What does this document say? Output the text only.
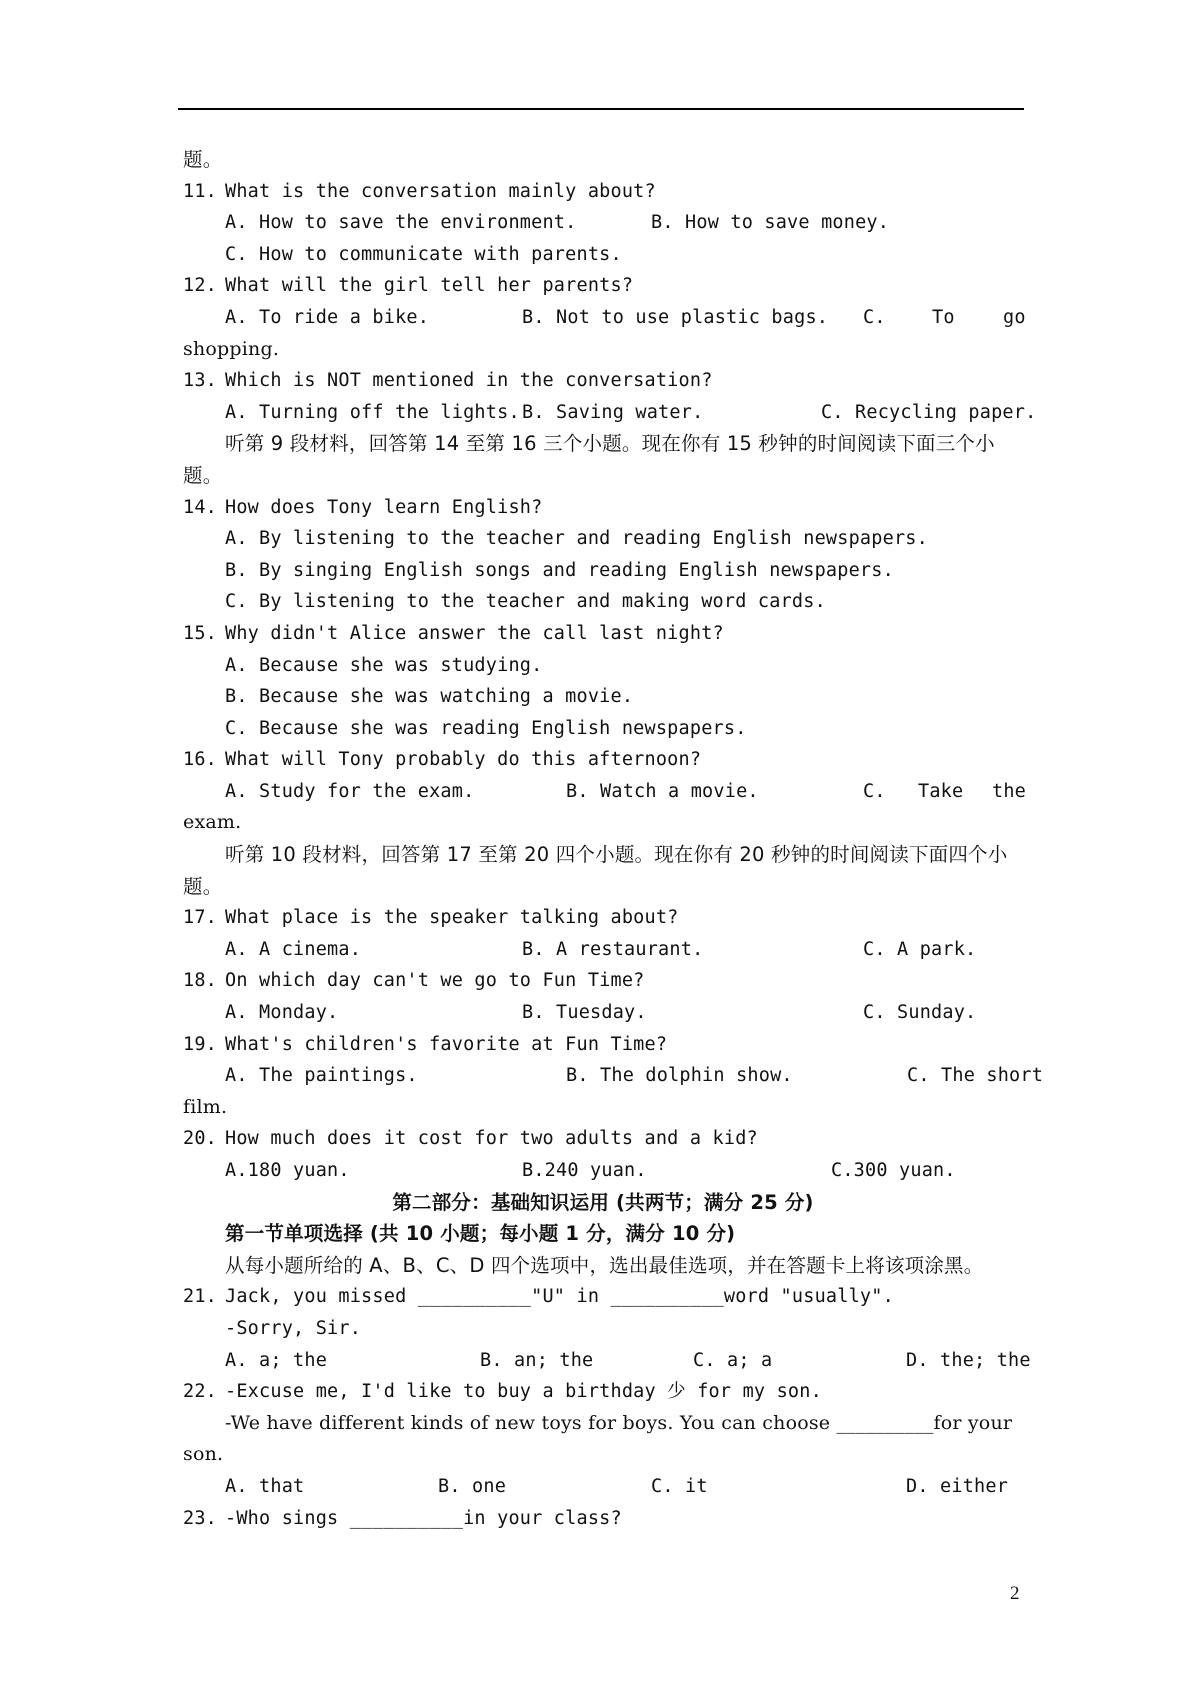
题。
11. What is the conversation mainly about?
A. How to save the environment.	B. How to save money.
C. How to communicate with parents.
12. What will the girl tell her parents?
A. To ride a bike.	B. Not to use plastic bags. C.	To	go
shopping.
13. Which is NOT mentioned in the conversation?
A. Turning off the lights. B. Saving water.	C. Recycling paper.
听第 9 段材料，回答第 14 至第 16 三个小题。现在你有 15 秒钟的时间阅读下面三个小
题。
14. How does Tony learn English?
A. By listening to the teacher and reading English newspapers.
B. By singing English songs and reading English newspapers.
C. By listening to the teacher and making word cards.
15. Why didn't Alice answer the call last night?
A. Because she was studying.
B. Because she was watching a movie.
C. Because she was reading English newspapers.
16. What will Tony probably do this afternoon?
A. Study for the exam.	B. Watch a movie.	C. Take the
exam.
听第 10 段材料，回答第 17 至第 20 四个小题。现在你有 20 秒钟的时间阅读下面四个小
题。
17. What place is the speaker talking about?
A. A cinema.	B. A restaurant.	C. A park.
18. On which day can't we go to Fun Time?
A. Monday.	B. Tuesday.	C. Sunday.
19. What's children's favorite at Fun Time?
A. The paintings.	B. The dolphin show.	C. The short
film.
20. How much does it cost for two adults and a kid?
A.180 yuan.	B.240 yuan.	C.300 yuan.
第二部分：基础知识运用 (共两节；满分 25 分)
第一节单项选择 (共 10 小题；每小题 1 分，满分 10 分)
从每小题所给的 A、B、C、D 四个选项中，选出最佳选项，并在答题卡上将该项涂黑。
21. Jack, you missed __________"U" in __________word "usually".
-Sorry, Sir.
A. a; the	B. an; the	C. a; a	D. the; the
22. -Excuse me, I'd like to buy a birthday 少 for my son.
-We have different kinds of new toys for boys. You can choose __________for your
son.
A. that	B. one	C. it	D. either
23. -Who sings __________in your class?
2
